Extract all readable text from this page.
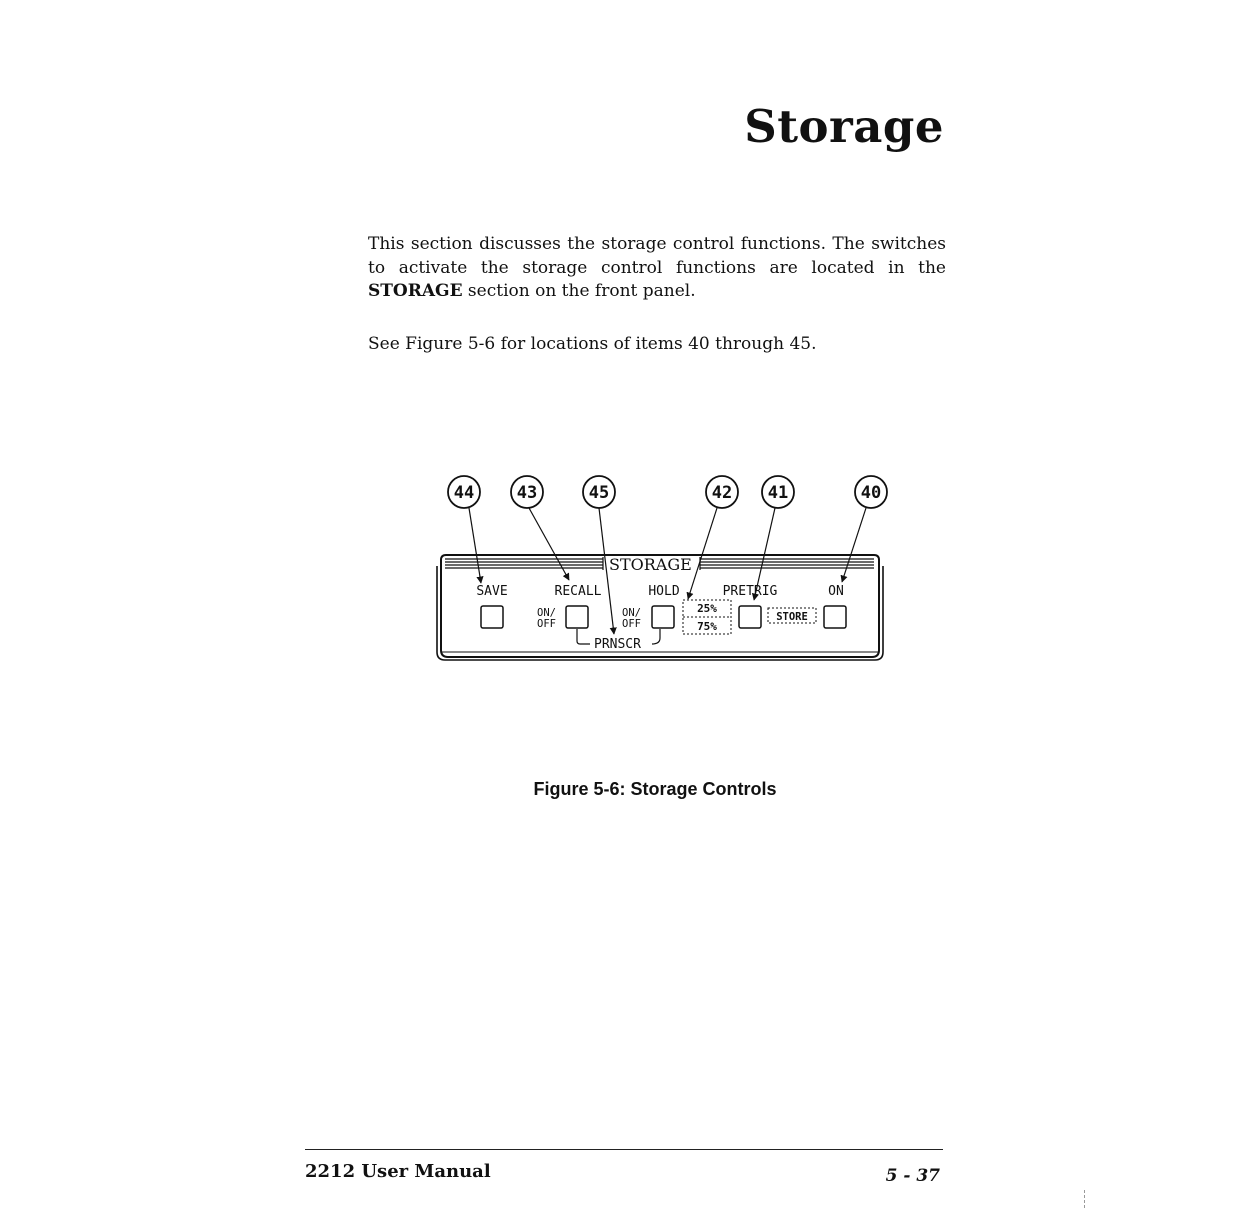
Storage

This section discusses the storage control functions. The switches to activate the storage control functions are located in the STORAGE section on the front panel.

See Figure 5-6 for locations of items 40 through 45.

STORAGE
44	43	45	42 41	40
SAVE	RECALL	HOLD	PRETRIG	ON
ON/
OFF
ON/
OFF
PRNSCR
25%
75%
STORE

Figure 5-6: Storage Controls

2212 User Manual	5 - 37
